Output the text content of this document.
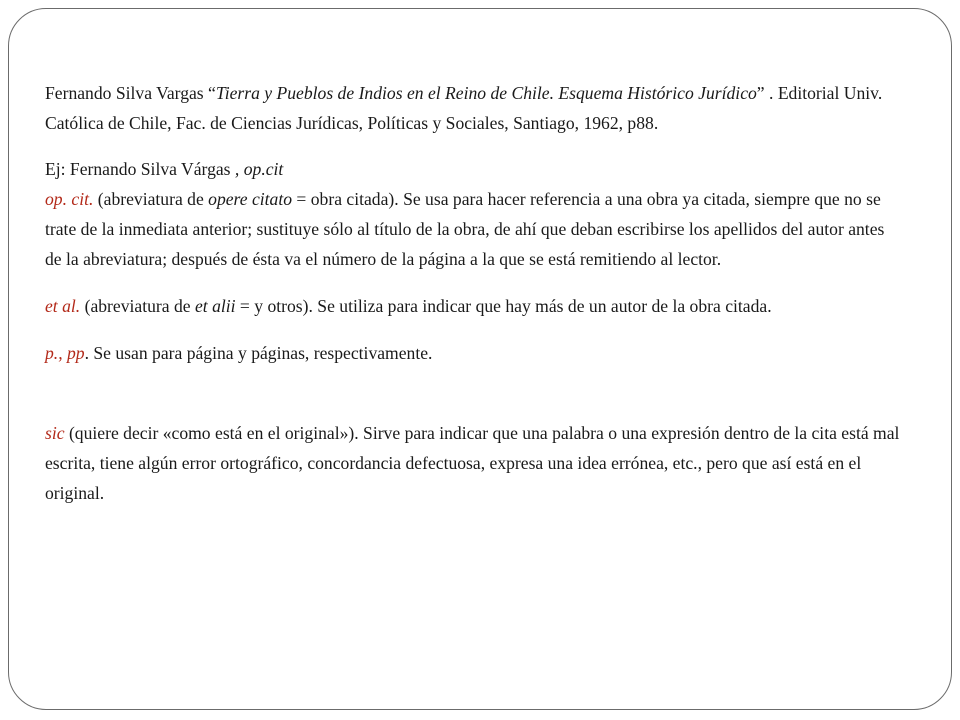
Fernando Silva Vargas “Tierra y Pueblos de Indios en el Reino de Chile. Esquema Histórico Jurídico” . Editorial Univ. Católica de Chile, Fac. de Ciencias Jurídicas, Políticas y Sociales, Santiago, 1962, p88.

Ej: Fernando Silva Várgas , op.cit

op. cit. (abreviatura de opere citato = obra citada). Se usa para hacer referencia a una obra ya citada, siempre que no se trate de la inmediata anterior; sustituye sólo al título de la obra, de ahí que deban escribirse los apellidos del autor antes de la abreviatura; después de ésta va el número de la página a la que se está remitiendo al lector.

et al. (abreviatura de et alii = y otros). Se utiliza para indicar que hay más de un autor de la obra citada.

p., pp. Se usan para página y páginas, respectivamente.

sic (quiere decir «como está en el original»). Sirve para indicar que una palabra o una expresión dentro de la cita está mal escrita, tiene algún error ortográfico, concordancia defectuosa, expresa una idea errónea, etc., pero que así está en el original.
